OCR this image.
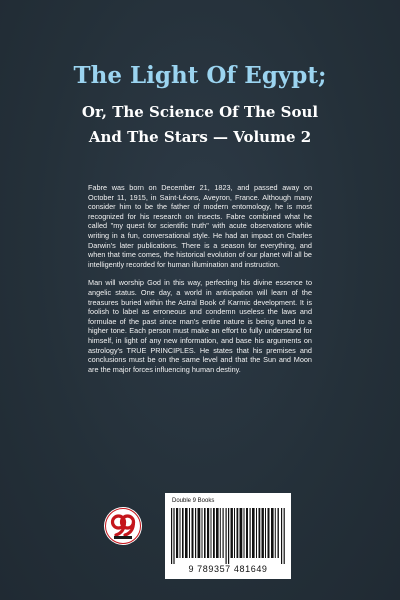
The Light Of Egypt;
Or, The Science Of The Soul
And The Stars — Volume 2

Fabre was born on December 21, 1823, and passed away on October 11, 1915, in Saint-Léons, Aveyron, France. Although many consider him to be the father of modern entomology, he is most recognized for his research on insects. Fabre combined what he called "my quest for scientific truth" with acute observations while writing in a fun, conversational style. He had an impact on Charles Darwin's later publications. There is a season for everything, and when that time comes, the historical evolution of our planet will all be intelligently recorded for human illumination and instruction.

Man will worship God in this way, perfecting his divine essence to angelic status. One day, a world in anticipation will learn of the treasures buried within the Astral Book of Karmic development. It is foolish to label as erroneous and condemn useless the laws and formulae of the past since man's entire nature is being tuned to a higher tone. Each person must make an effort to fully understand for himself, in light of any new information, and base his arguments on astrology's TRUE PRINCIPLES. He states that his premises and conclusions must be on the same level and that the Sun and Moon are the major forces influencing human destiny.

Double 9 Books
9 789357 481649
